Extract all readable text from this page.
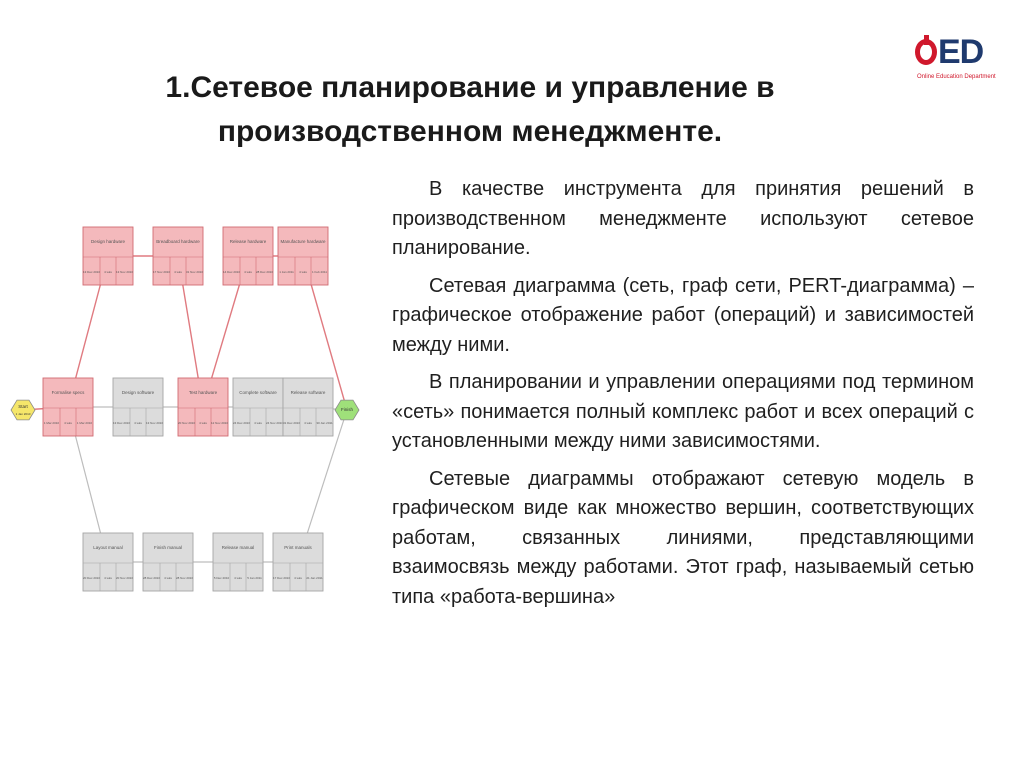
1.Сетевое планирование и управление в
производственном менеджменте.
ED
Online Education Department

В качестве инструмента для принятия решений в производственном менеджменте используют сетевое планирование.

Сетевая диаграмма (сеть, граф сети, PERT-диаграмма) – графическое отображение работ (операций) и зависимостей между ними.

В планировании и управлении операциями под термином «сеть» понимается полный комплекс работ и всех операций с установленными между ними зависимостями.

Сетевые диаграммы отображают сетевую модель в графическом виде как множество вершин, соответствующих работам, связанных линиями, представляющими взаимосвязь между работами. Этот граф, называемый сетью типа «работа-вершина»

Start
1 Jan 2010
Finish
Formalise specs
1 Mar 2010 4 wks 1 Mar 2010
Design hardware
13 Dec 2010 4 wks 13 Nov 2010
Breadboard hardware
17 Nov 2010 4 wks 31 Nov 2010
Release hardware
14 Dec 2010 4 wks 28 Dec 2010
Manufacture hardware
1 Jan 2011 4 wks 1 Feb 2011
Design software
13 Dec 2010 4 wks 13 Nov 2010
Test hardware
20 Nov 2010 4 wks 12 Nov 2010
Complete software
24 Dec 2010 4 wks 24 Nov 2010
Release software
31 Dec 2010 4 wks 30 Jan 2011
Layout manual
20 Dec 2010 4 wks 20 Nov 2010
Finish manual
28 Dec 2010 4 wks 28 Nov 2010
Release manual
5 Dec 2010 4 wks 5 Jan 2011
Print manuals
17 Dec 2010 4 wks 21 Jan 2011
